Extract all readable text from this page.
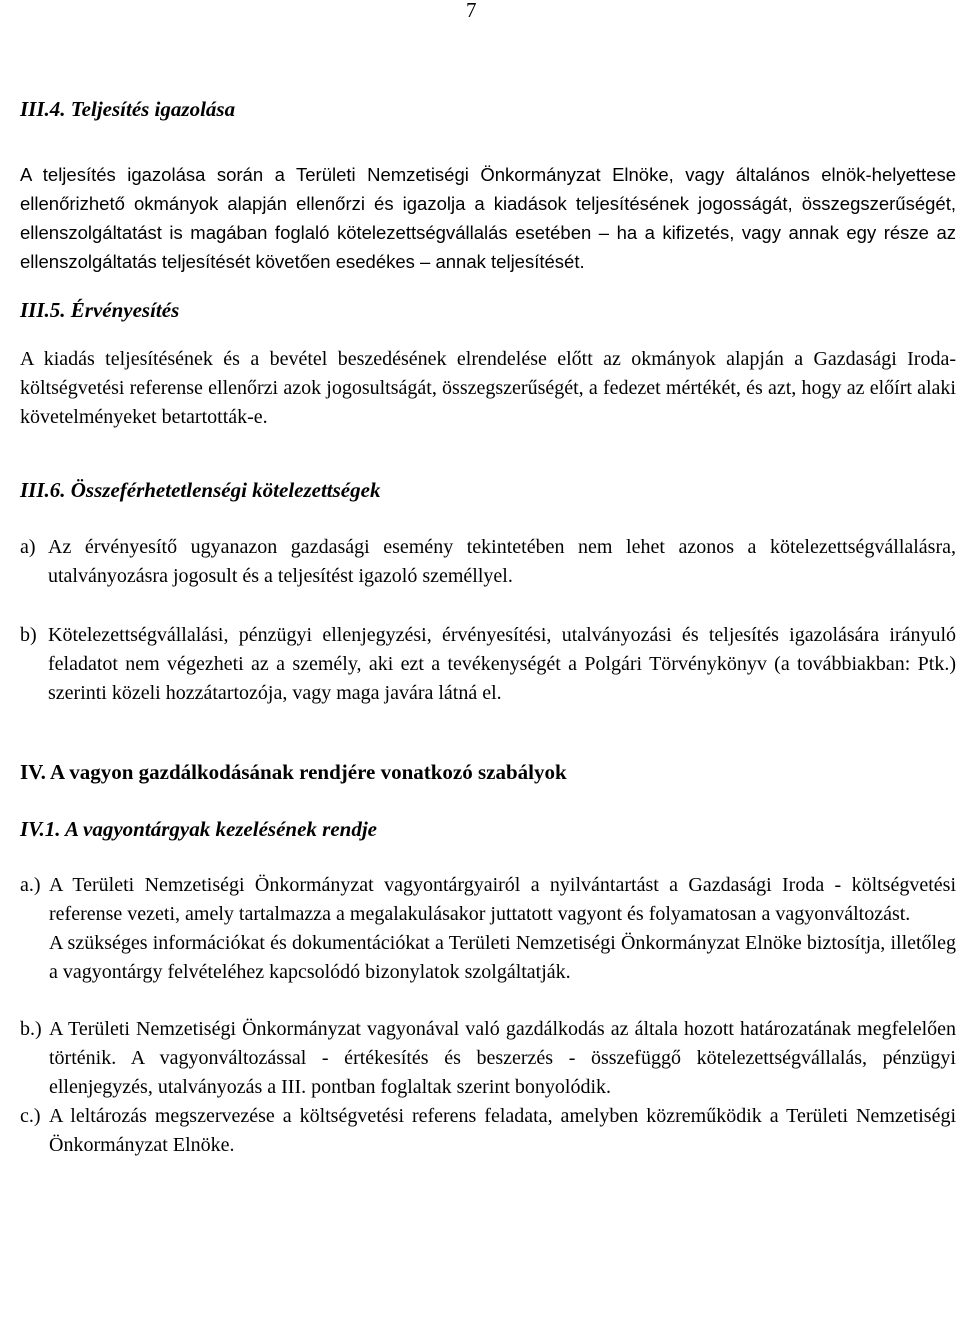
7
III.4. Teljesítés igazolása

A teljesítés igazolása során a Területi Nemzetiségi Önkormányzat Elnöke, vagy általános elnök-helyettese ellenőrizhető okmányok alapján ellenőrzi és igazolja a kiadások teljesítésének jogosságát, összegszerűségét, ellenszolgáltatást is magában foglaló kötelezettségvállalás esetében – ha a kifizetés, vagy annak egy része az ellenszolgáltatás teljesítését követően esedékes – annak teljesítését.

III.5. Érvényesítés

A kiadás teljesítésének és a bevétel beszedésének elrendelése előtt az okmányok alapján a Gazdasági Iroda- költségvetési referense ellenőrzi azok jogosultságát, összegszerűségét, a fedezet mértékét, és azt, hogy az előírt alaki követelményeket betartották-e.

III.6. Összeférhetetlenségi kötelezettségek
a) Az érvényesítő ugyanazon gazdasági esemény tekintetében nem lehet azonos a kötelezettségvállalásra, utalványozásra jogosult és a teljesítést igazoló személlyel.

b) Kötelezettségvállalási, pénzügyi ellenjegyzési, érvényesítési, utalványozási és teljesítés igazolására irányuló feladatot nem végezheti az a személy, aki ezt a tevékenységét a Polgári Törvénykönyv (a továbbiakban: Ptk.) szerinti közeli hozzátartozója, vagy maga javára látná el.

IV. A vagyon gazdálkodásának rendjére vonatkozó szabályok
IV.1. A vagyontárgyak kezelésének rendje
a.) A Területi Nemzetiségi Önkormányzat vagyontárgyairól a nyilvántartást a Gazdasági Iroda - költségvetési referense vezeti, amely tartalmazza a megalakulásakor juttatott vagyont és folyamatosan a vagyonváltozást.

A szükséges információkat és dokumentációkat a Területi Nemzetiségi Önkormányzat Elnöke biztosítja, illetőleg a vagyontárgy felvételéhez kapcsolódó bizonylatok szolgáltatják.

b.) A Területi Nemzetiségi Önkormányzat vagyonával való gazdálkodás az általa hozott határozatának megfelelően történik. A vagyonváltozással - értékesítés és beszerzés - összefüggő kötelezettségvállalás, pénzügyi ellenjegyzés, utalványozás a III. pontban foglaltak szerint bonyolódik.

c.) A leltározás megszervezése a költségvetési referens feladata, amelyben közreműködik a Területi Nemzetiségi Önkormányzat Elnöke.
